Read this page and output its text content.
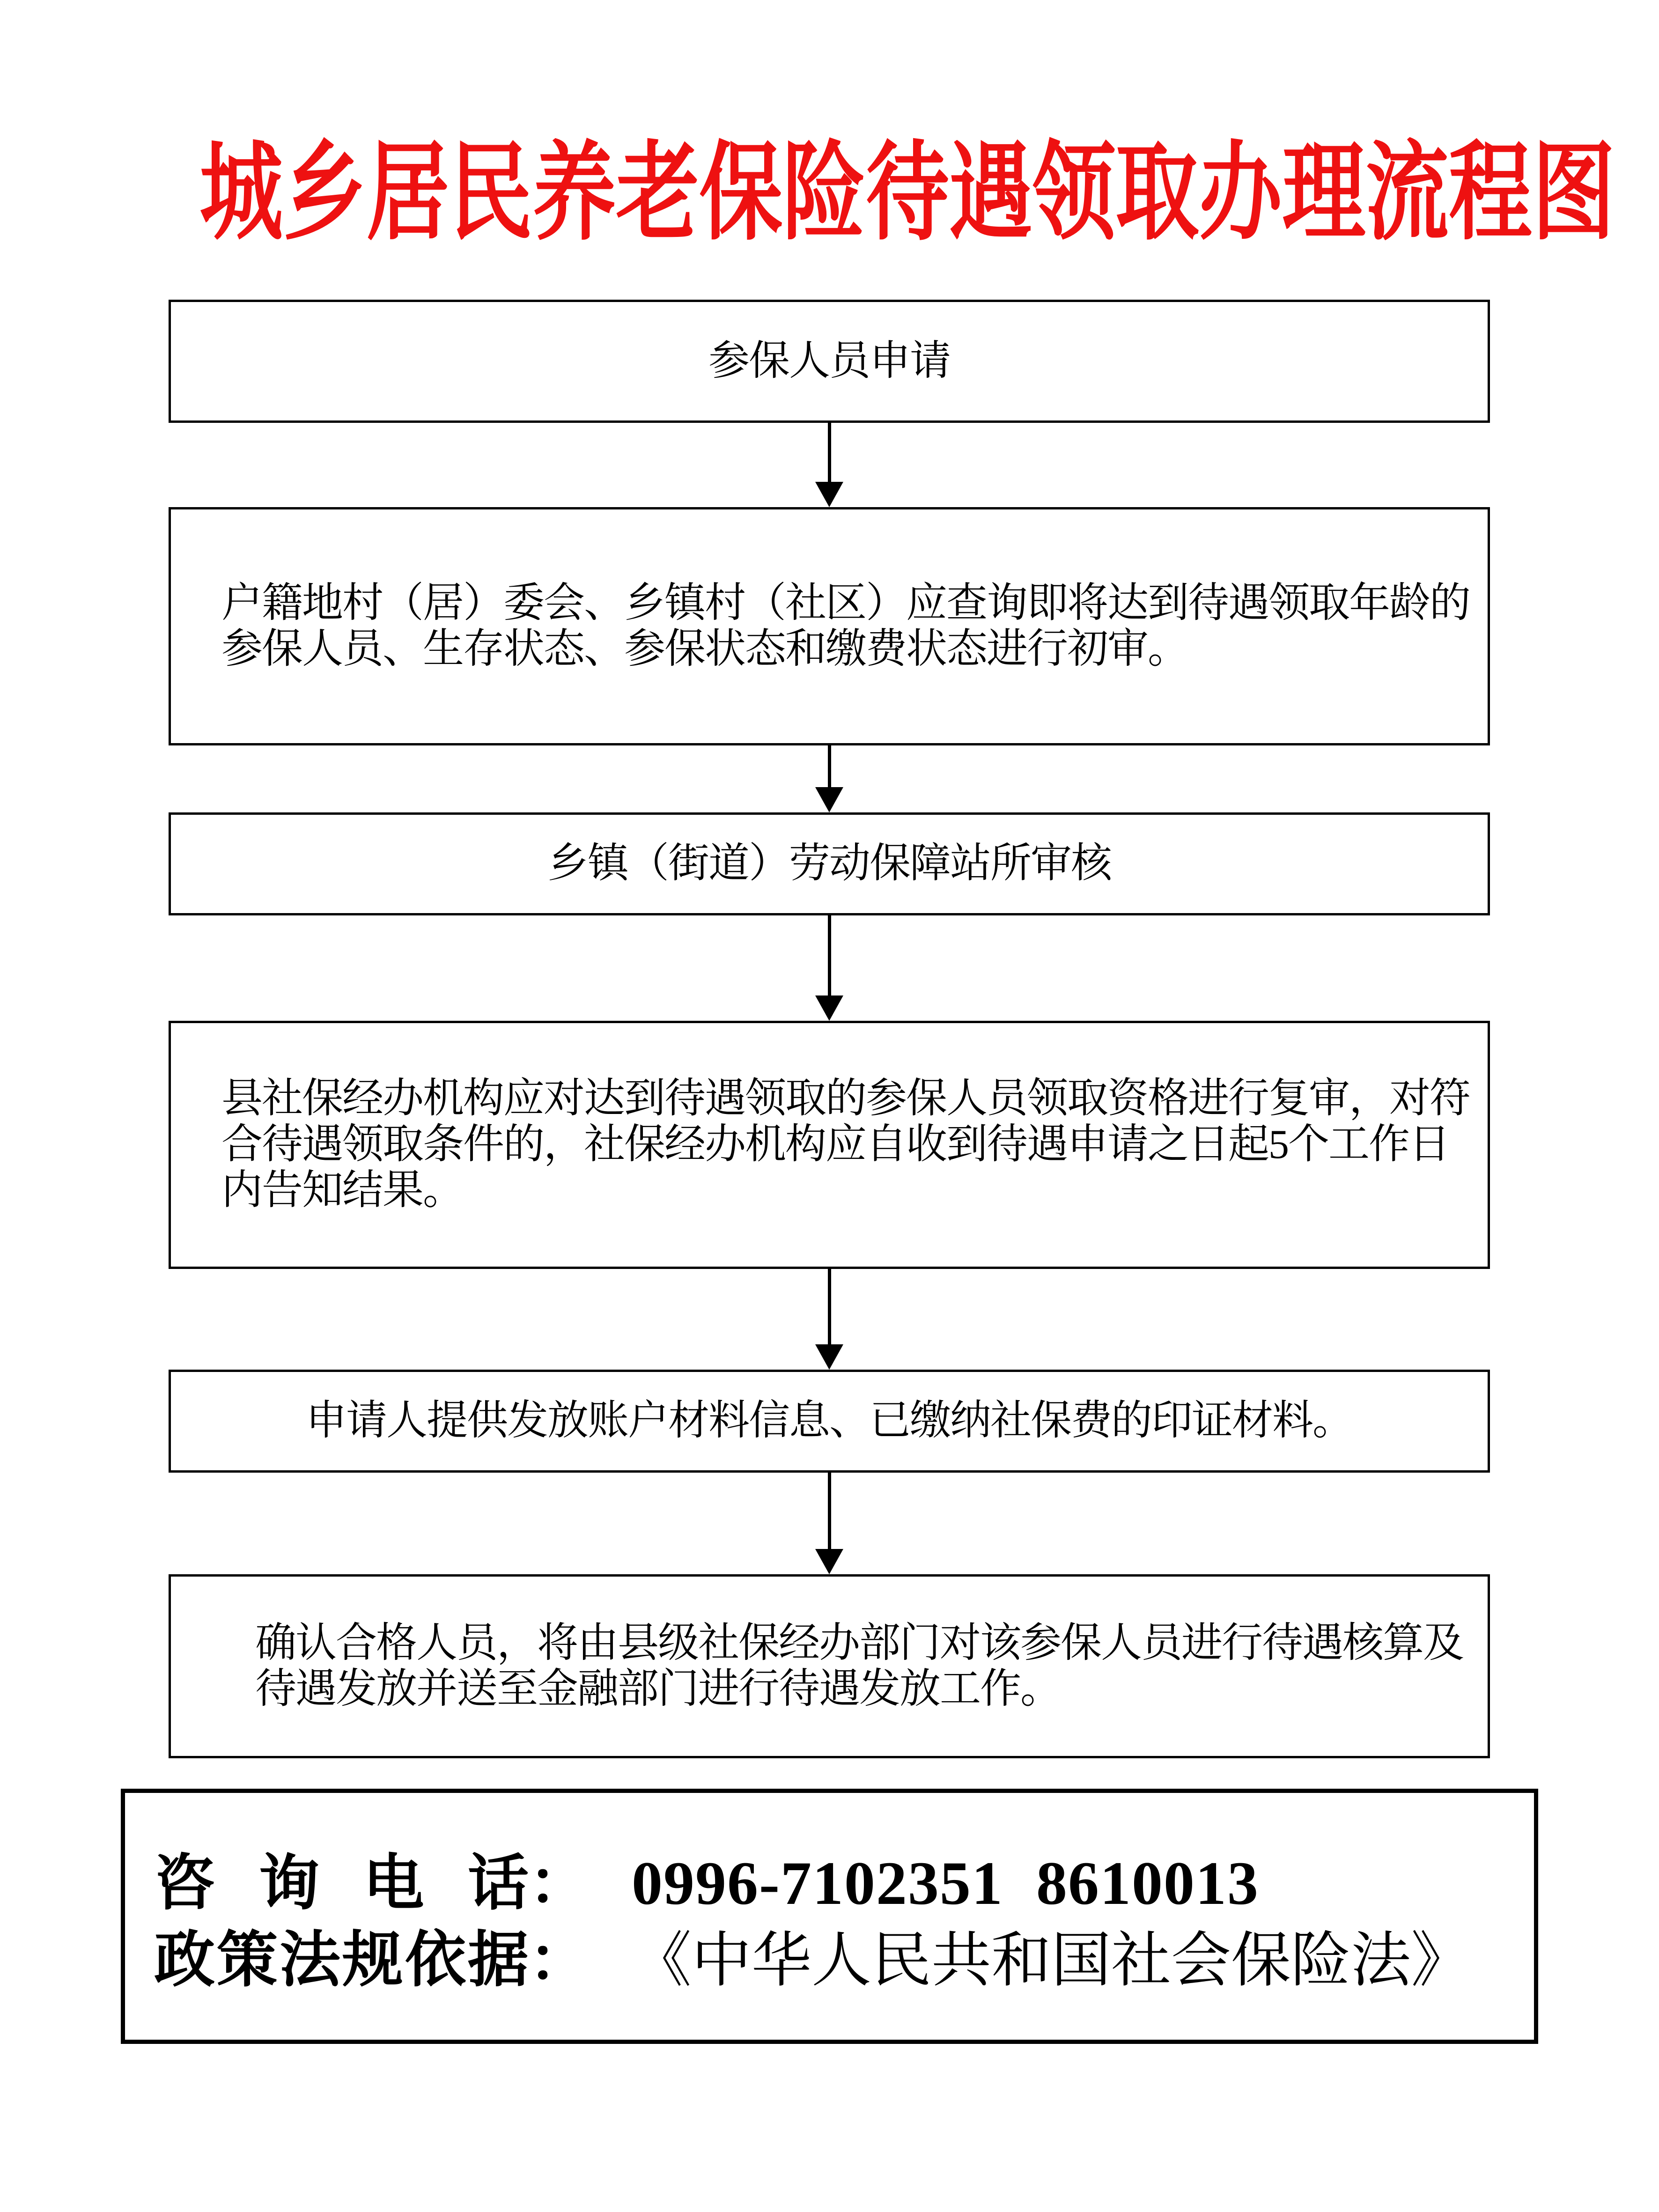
城乡居民养老保险待遇领取办理流程图
参保人员申请
户籍地村（居）委会、乡镇村（社区）应查询即将达到待遇领取年龄的
参保人员、生存状态、参保状态和缴费状态进行初审。
乡镇（街道）劳动保障站所审核
县社保经办机构应对达到待遇领取的参保人员领取资格进行复审，对符
合待遇领取条件的，社保经办机构应自收到待遇申请之日起5个工作日
内告知结果。
申请人提供发放账户材料信息、已缴纳社保费的印证材料。
确认合格人员，将由县级社保经办部门对该参保人员进行待遇核算及
待遇发放并送至金融部门进行待遇发放工作。
咨 询 电 话 ： 0996-7102351  8610013
政策法规依据 ： 《中华人民共和国社会保险法》
